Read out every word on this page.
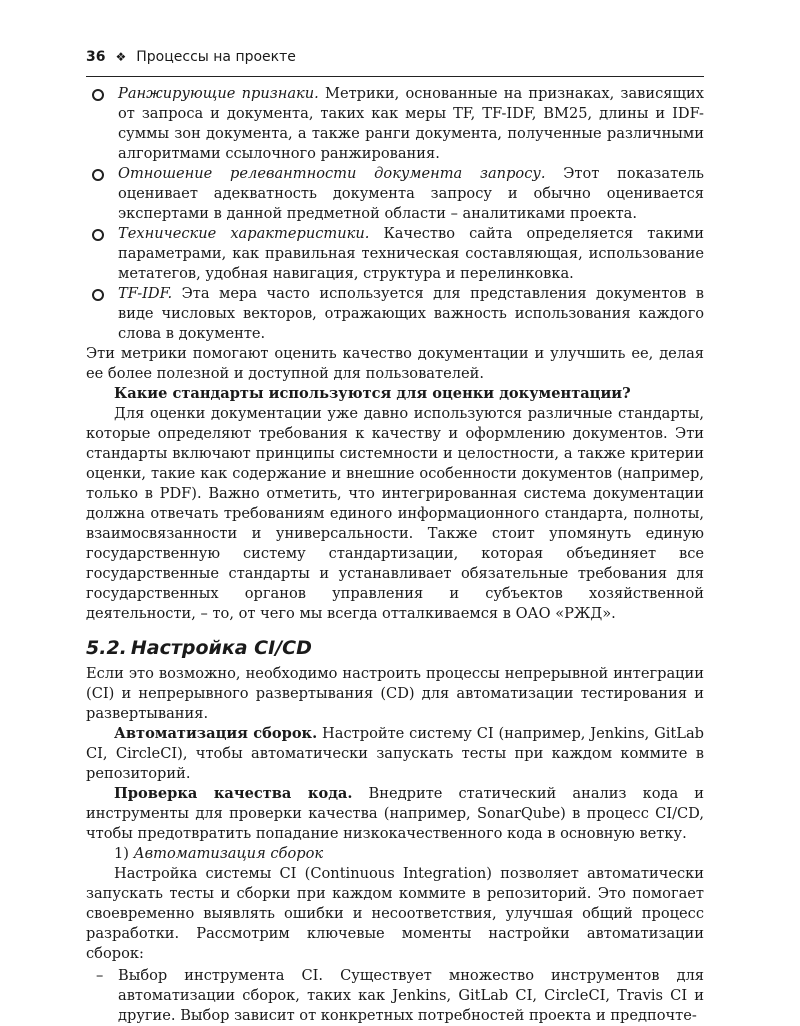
36 ❖ Процессы на проекте
Ранжирующие признаки. Метрики, основанные на признаках, зависящих от запроса и документа, таких как меры TF, TF-IDF, BM25, длины и IDF-суммы зон документа, а также ранги документа, полученные различными алгоритмами ссылочного ранжирования.
Отношение релевантности документа запросу. Этот показатель оценивает адекватность документа запросу и обычно оценивается экспертами в данной предметной области – аналитиками проекта.
Технические характеристики. Качество сайта определяется такими параметрами, как правильная техническая составляющая, использование метатегов, удобная навигация, структура и перелинковка.
TF-IDF. Эта мера часто используется для представления документов в виде числовых векторов, отражающих важность использования каждого слова в документе.

Эти метрики помогают оценить качество документации и улучшить ее, делая ее более полезной и доступной для пользователей.

Какие стандарты используются для оценки документации?

Для оценки документации уже давно используются различные стандарты, которые определяют требования к качеству и оформлению документов. Эти стандарты включают принципы системности и целостности, а также критерии оценки, такие как содержание и внешние особенности документов (например, только в PDF). Важно отметить, что интегрированная система документации должна отвечать требованиям единого информационного стандарта, полноты, взаимосвязанности и универсальности. Также стоит упомянуть единую государственную систему стандартизации, которая объединяет все государственные стандарты и устанавливает обязательные требования для государственных органов управления и субъектов хозяйственной деятельности, – то, от чего мы всегда отталкиваемся в ОАО «РЖД».

5.2. Настройка CI/CD

Если это возможно, необходимо настроить процессы непрерывной интеграции (CI) и непрерывного развертывания (CD) для автоматизации тестирования и развертывания.

Автоматизация сборок. Настройте систему CI (например, Jenkins, GitLab CI, CircleCI), чтобы автоматически запускать тесты при каждом коммите в репозиторий.

Проверка качества кода. Внедрите статический анализ кода и инструменты для проверки качества (например, SonarQube) в процесс CI/CD, чтобы предотвратить попадание низкокачественного кода в основную ветку.

1) Автоматизация сборок

Настройка системы CI (Continuous Integration) позволяет автоматически запускать тесты и сборки при каждом коммите в репозиторий. Это помогает своевременно выявлять ошибки и несоответствия, улучшая общий процесс разработки. Рассмотрим ключевые моменты настройки автоматизации сборок:

– Выбор инструмента CI. Существует множество инструментов для автоматизации сборок, таких как Jenkins, GitLab CI, CircleCI, Travis CI и другие. Выбор зависит от конкретных потребностей проекта и предпочте-
